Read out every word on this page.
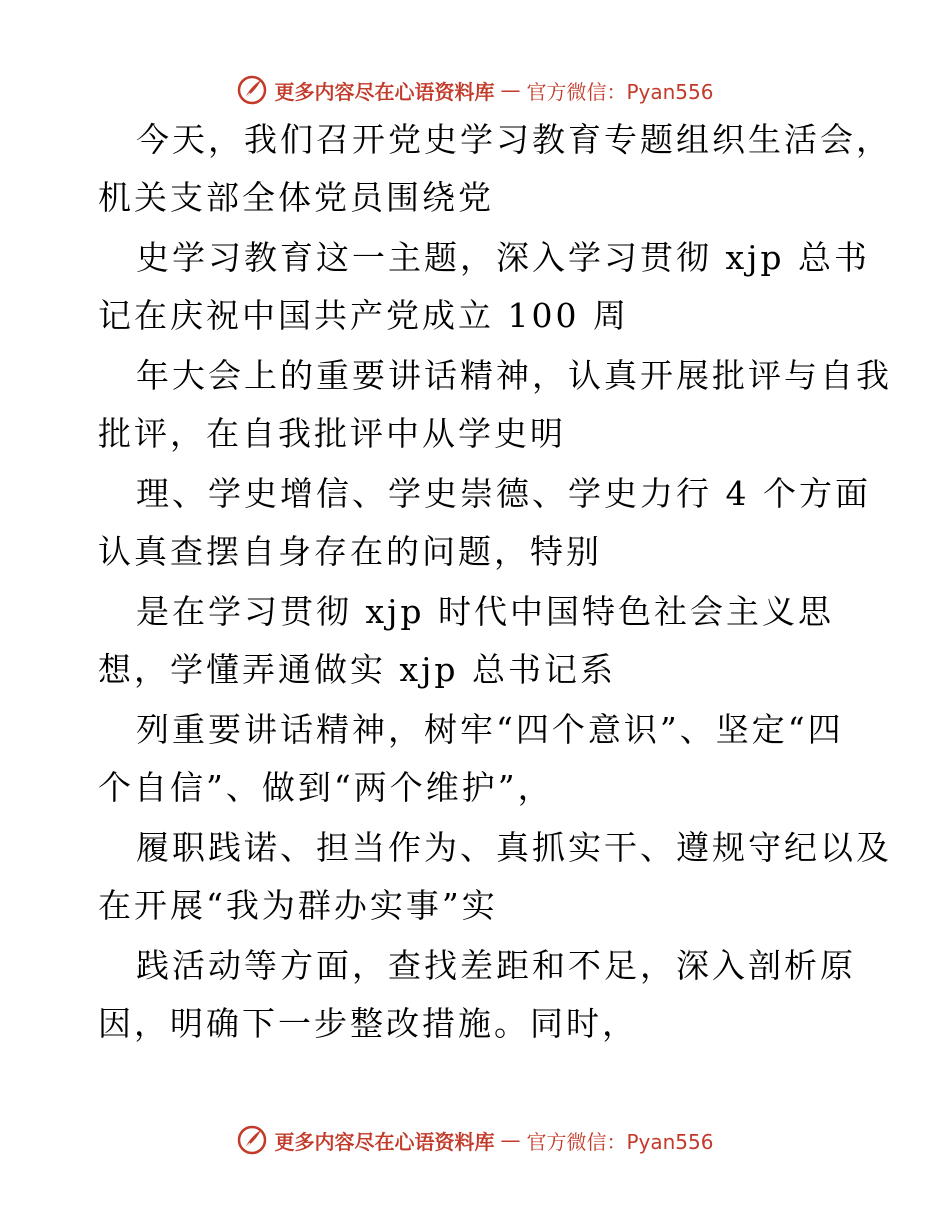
更多内容尽在心语资料库 — 官方微信：Pyan556
今天，我们召开党史学习教育专题组织生活会，
机关支部全体党员围绕党
史学习教育这一主题，深入学习贯彻 xjp 总书
记在庆祝中国共产党成立 100 周
年大会上的重要讲话精神，认真开展批评与自我
批评，在自我批评中从学史明
理、学史增信、学史崇德、学史力行 4 个方面
认真查摆自身存在的问题，特别
是在学习贯彻 xjp 时代中国特色社会主义思
想，学懂弄通做实 xjp 总书记系
列重要讲话精神，树牢“四个意识”、坚定“四
个自信”、做到“两个维护”，
履职践诺、担当作为、真抓实干、遵规守纪以及
在开展“我为群办实事”实
践活动等方面，查找差距和不足，深入剖析原
因，明确下一步整改措施。同时，
更多内容尽在心语资料库 — 官方微信：Pyan556
